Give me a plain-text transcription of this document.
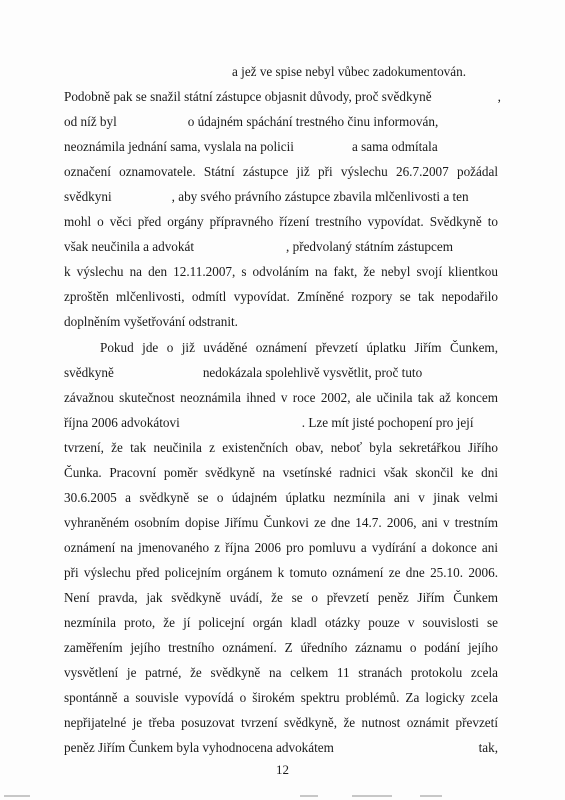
a jež ve spise nebyl vůbec zadokumentován.
Podobně pak se snažil státní zástupce objasnit důvody, proč svědkyně	,
od níž byl	o údajném spáchání trestného činu informován,
neoznámila jednání sama, vyslala na policii	a sama odmítala
označení oznamovatele. Státní zástupce již při výslechu 26.7.2007 požádal
svědkyni	, aby svého právního zástupce zbavila mlčenlivosti a ten
mohl o věci před orgány přípravného řízení trestního vypovídat. Svědkyně to
však neučinila a advokát	, předvolaný státním zástupcem
k výslechu na den 12.11.2007, s odvoláním na fakt, že nebyl svojí klientkou
zproštěn mlčenlivosti, odmítl vypovídat. Zmíněné rozpory se tak nepodařilo
doplněním vyšetřování odstranit.
Pokud jde o již uváděné oznámení převzetí úplatku Jiřím Čunkem,
svědkyně	nedokázala spolehlivě vysvětlit, proč tuto
závažnou skutečnost neoznámila ihned v roce 2002, ale učinila tak až koncem
října 2006 advokátovi	. Lze mít jisté pochopení pro její
tvrzení, že tak neučinila z existenčních obav, neboť byla sekretářkou Jiřího
Čunka. Pracovní poměr svědkyně na vsetínské radnici však skončil ke dni
30.6.2005 a svědkyně se o údajném úplatku nezmínila ani v jinak velmi
vyhraněném osobním dopise Jiřímu Čunkovi ze dne 14.7. 2006, ani v trestním
oznámení na jmenovaného z října 2006 pro pomluvu a vydírání a dokonce ani
při výslechu před policejním orgánem k tomuto oznámení ze dne 25.10. 2006.
Není pravda, jak svědkyně uvádí, že se o převzetí peněz Jiřím Čunkem
nezmínila proto, že jí policejní orgán kladl otázky pouze v souvislosti se
zaměřením jejího trestního oznámení. Z úředního záznamu o podání jejího
vysvětlení je patrné, že svědkyně na celkem 11 stranách protokolu zcela
spontánně a souvisle vypovídá o širokém spektru problémů. Za logicky zcela
nepřijatelné je třeba posuzovat tvrzení svědkyně, že nutnost oznámit převzetí
peněz Jiřím Čunkem byla vyhodnocena advokátem	tak,
12
